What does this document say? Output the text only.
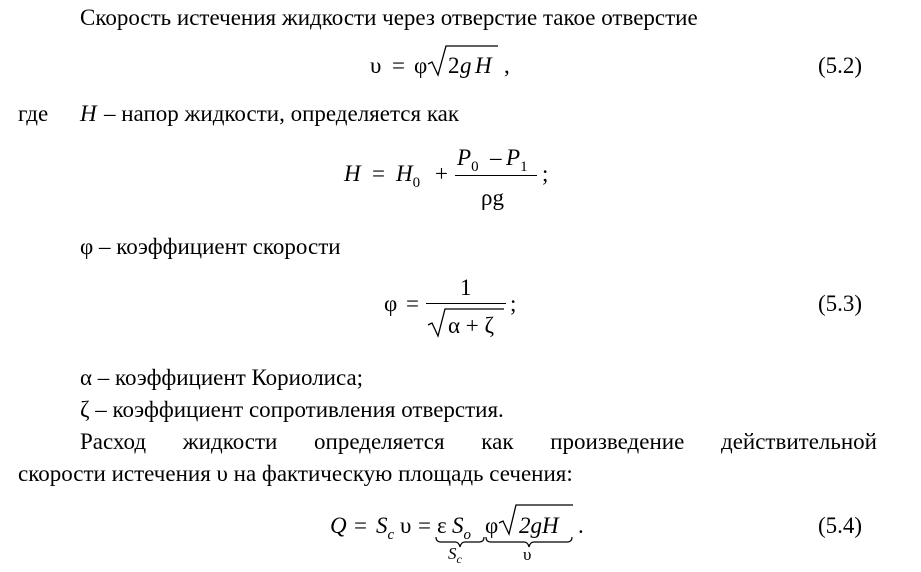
Скорость истечения жидкости через отверстие такое отверстие
υ = φ 2 g H ,	(5.2)
где H – напор жидкости, определяется как
$H = H_0$ +
$P_0 - P_1$
ρg
;
φ – коэффициент скорости
φ =
1
α + ζ
;	(5.3)
α – коэффициент Кориолиса;
ζ – коэффициент сопротивления отверстия.
Расход жидкости определяется как произведение действительной
скорости истечения υ на фактическую площадь сечения:
$Q = S_c$ υ = ε $S_o$ φ 2gH .
$S_c$	υ
(5.4)
